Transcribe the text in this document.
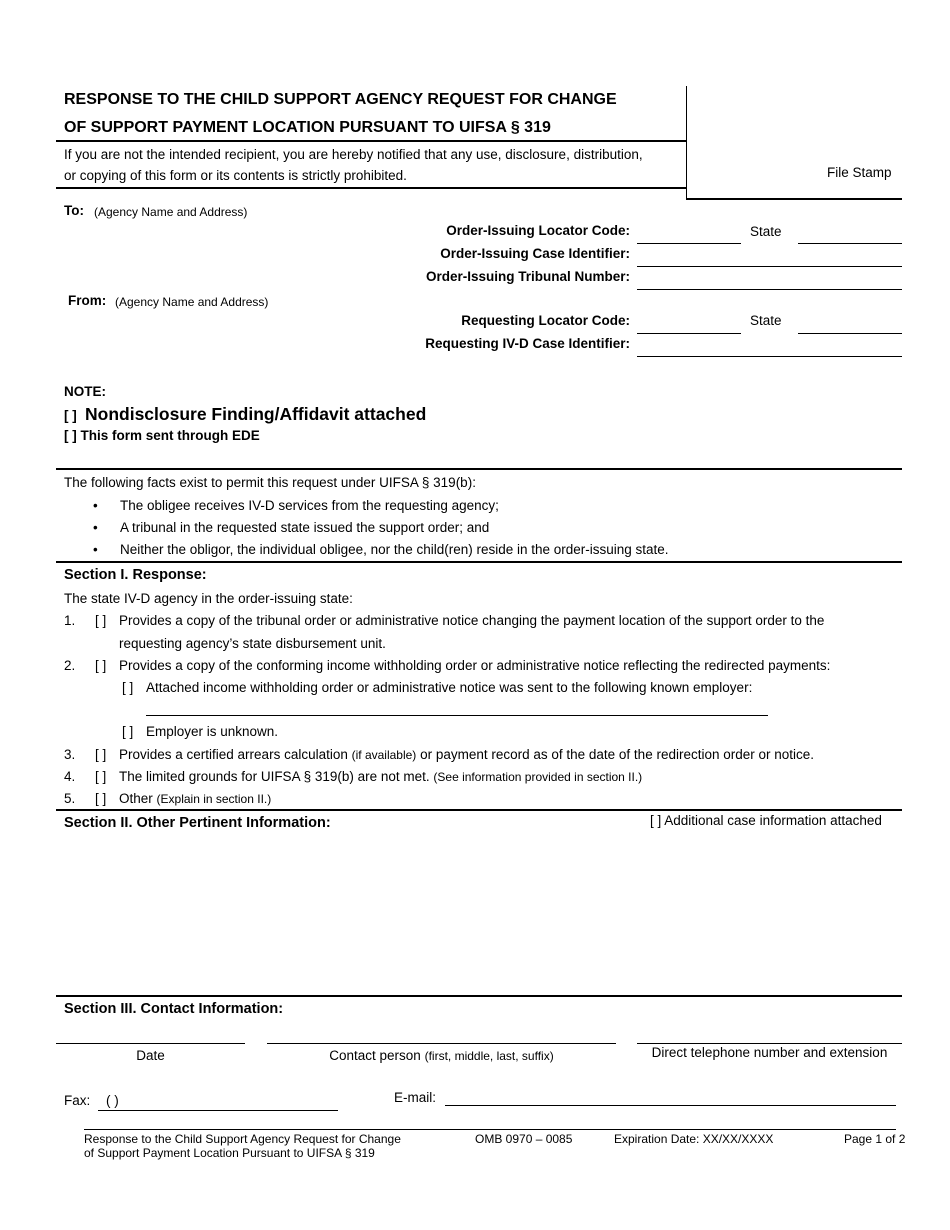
RESPONSE TO THE CHILD SUPPORT AGENCY REQUEST FOR CHANGE
OF SUPPORT PAYMENT LOCATION PURSUANT TO UIFSA § 319
If you are not the intended recipient, you are hereby notified that any use, disclosure, distribution,
or copying of this form or its contents is strictly prohibited.	File Stamp
To: (Agency Name and Address)
Order-Issuing Locator Code:	State
Order-Issuing Case Identifier:
Order-Issuing Tribunal Number:
From: (Agency Name and Address)
Requesting Locator Code:	State
Requesting IV-D Case Identifier:
NOTE:
[ ] Nondisclosure Finding/Affidavit attached
[ ] This form sent through EDE
The following facts exist to permit this request under UIFSA § 319(b):
• The obligee receives IV-D services from the requesting agency;
• A tribunal in the requested state issued the support order; and
• Neither the obligor, the individual obligee, nor the child(ren) reside in the order-issuing state.
Section I. Response:
The state IV-D agency in the order-issuing state:
1. [ ] Provides a copy of the tribunal order or administrative notice changing the payment location of the support order to the
requesting agency’s state disbursement unit.
2. [ ] Provides a copy of the conforming income withholding order or administrative notice reflecting the redirected payments:
[ ] Attached income withholding order or administrative notice was sent to the following known employer:
[ ] Employer is unknown.
3. [ ] Provides a certified arrears calculation (if available) or payment record as of the date of the redirection order or notice.
4. [ ] The limited grounds for UIFSA § 319(b) are not met. (See information provided in section II.)
5. [ ] Other (Explain in section II.)
Section II. Other Pertinent Information:	[ ] Additional case information attached
Section III. Contact Information:
Date	Contact person (first, middle, last, suffix)	Direct telephone number and extension
Fax: ( )	E-mail:
Response to the Child Support Agency Request for Change
of Support Payment Location Pursuant to UIFSA § 319
OMB 0970 – 0085	Expiration Date: XX/XX/XXXX	Page 1 of 2
